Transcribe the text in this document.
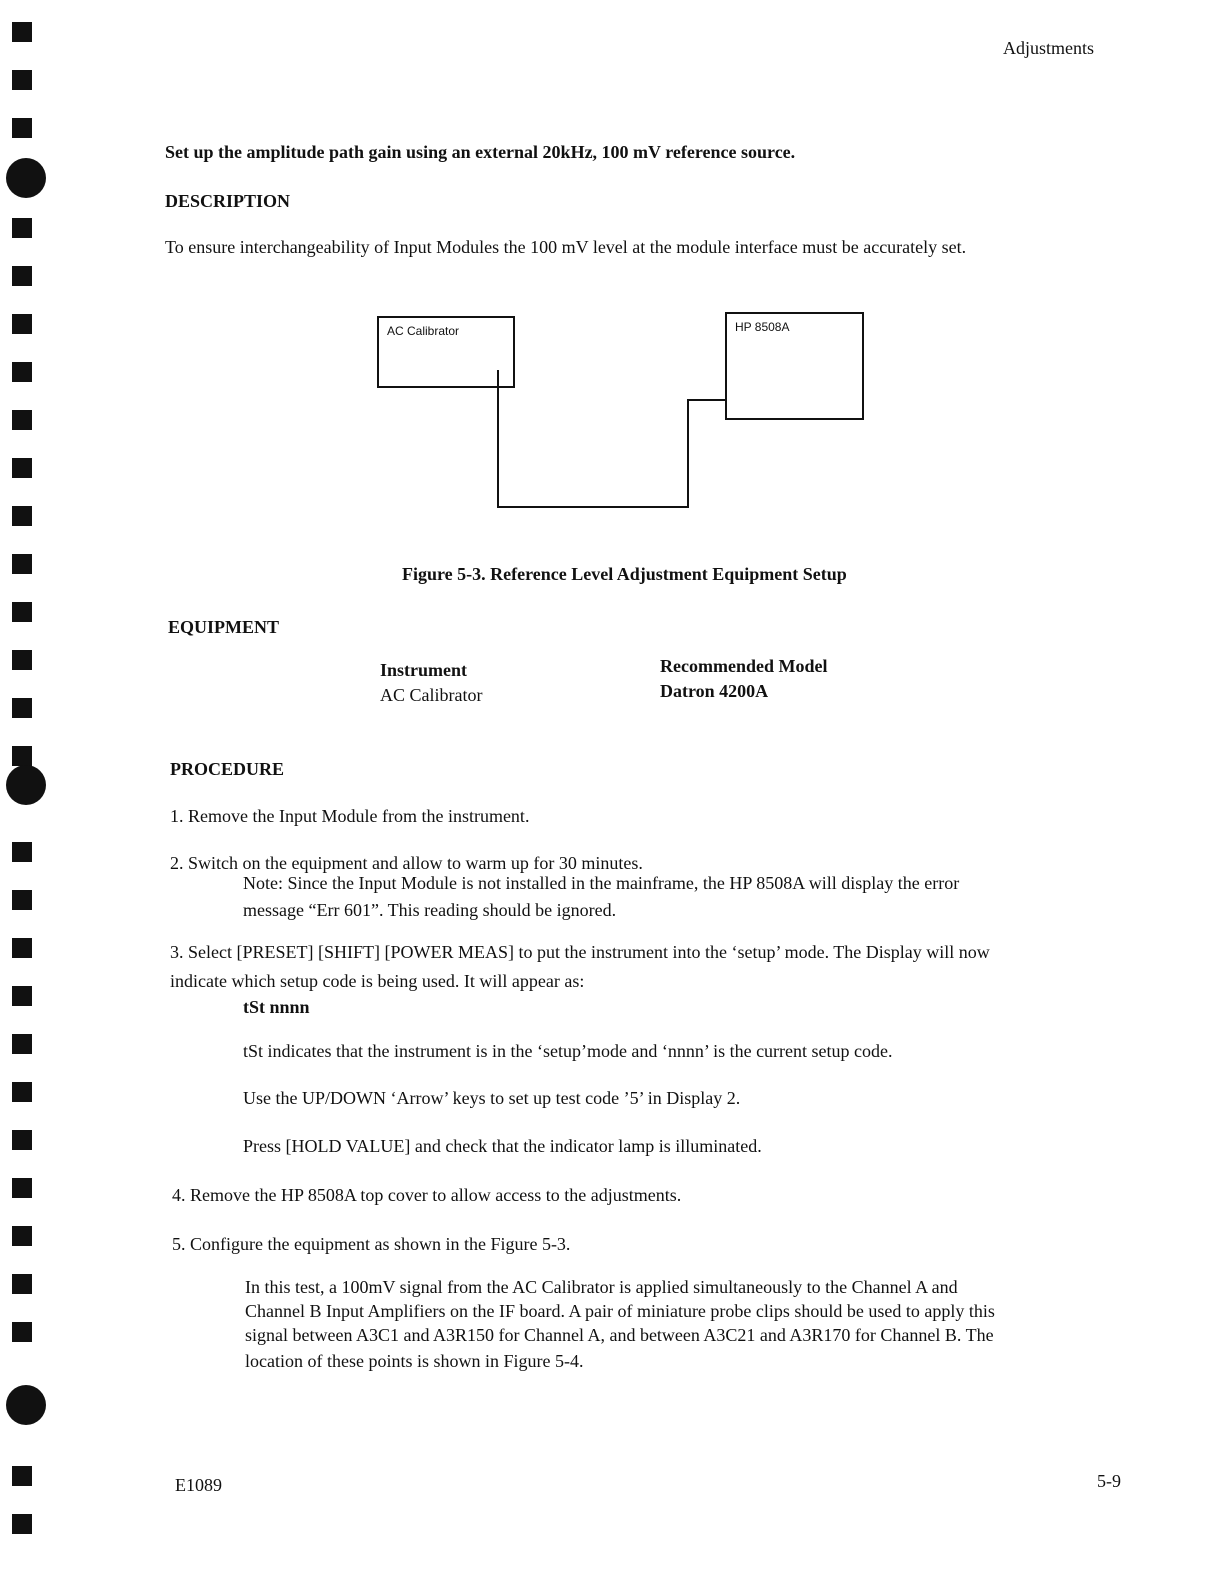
Adjustments
Set up the amplitude path gain using an external 20kHz, 100 mV reference source.
DESCRIPTION
To ensure interchangeability of Input Modules the 100 mV level at the module interface must be accurately set.
AC Calibrator	HP 8508A
Figure 5-3. Reference Level Adjustment Equipment Setup
EQUIPMENT
Instrument	Recommended Model
AC Calibrator	Datron 4200A
PROCEDURE
1. Remove the Input Module from the instrument.
2. Switch on the equipment and allow to warm up for 30 minutes.
Note: Since the Input Module is not installed in the mainframe, the HP 8508A will display the error
message “Err 601”. This reading should be ignored.
3. Select [PRESET] [SHIFT] [POWER MEAS] to put the instrument into the ‘setup’ mode. The Display will now
indicate which setup code is being used. It will appear as:
tSt nnnn
tSt indicates that the instrument is in the ‘setup’mode and ‘nnnn’ is the current setup code.
Use the UP/DOWN ‘Arrow’ keys to set up test code ’5’ in Display 2.
Press [HOLD VALUE] and check that the indicator lamp is illuminated.
4. Remove the HP 8508A top cover to allow access to the adjustments.
5. Configure the equipment as shown in the Figure 5-3.
In this test, a 100mV signal from the AC Calibrator is applied simultaneously to the Channel A and
Channel B Input Amplifiers on the IF board. A pair of miniature probe clips should be used to apply this
signal between A3C1 and A3R150 for Channel A, and between A3C21 and A3R170 for Channel B. The
location of these points is shown in Figure 5-4.
E1089	5-9
